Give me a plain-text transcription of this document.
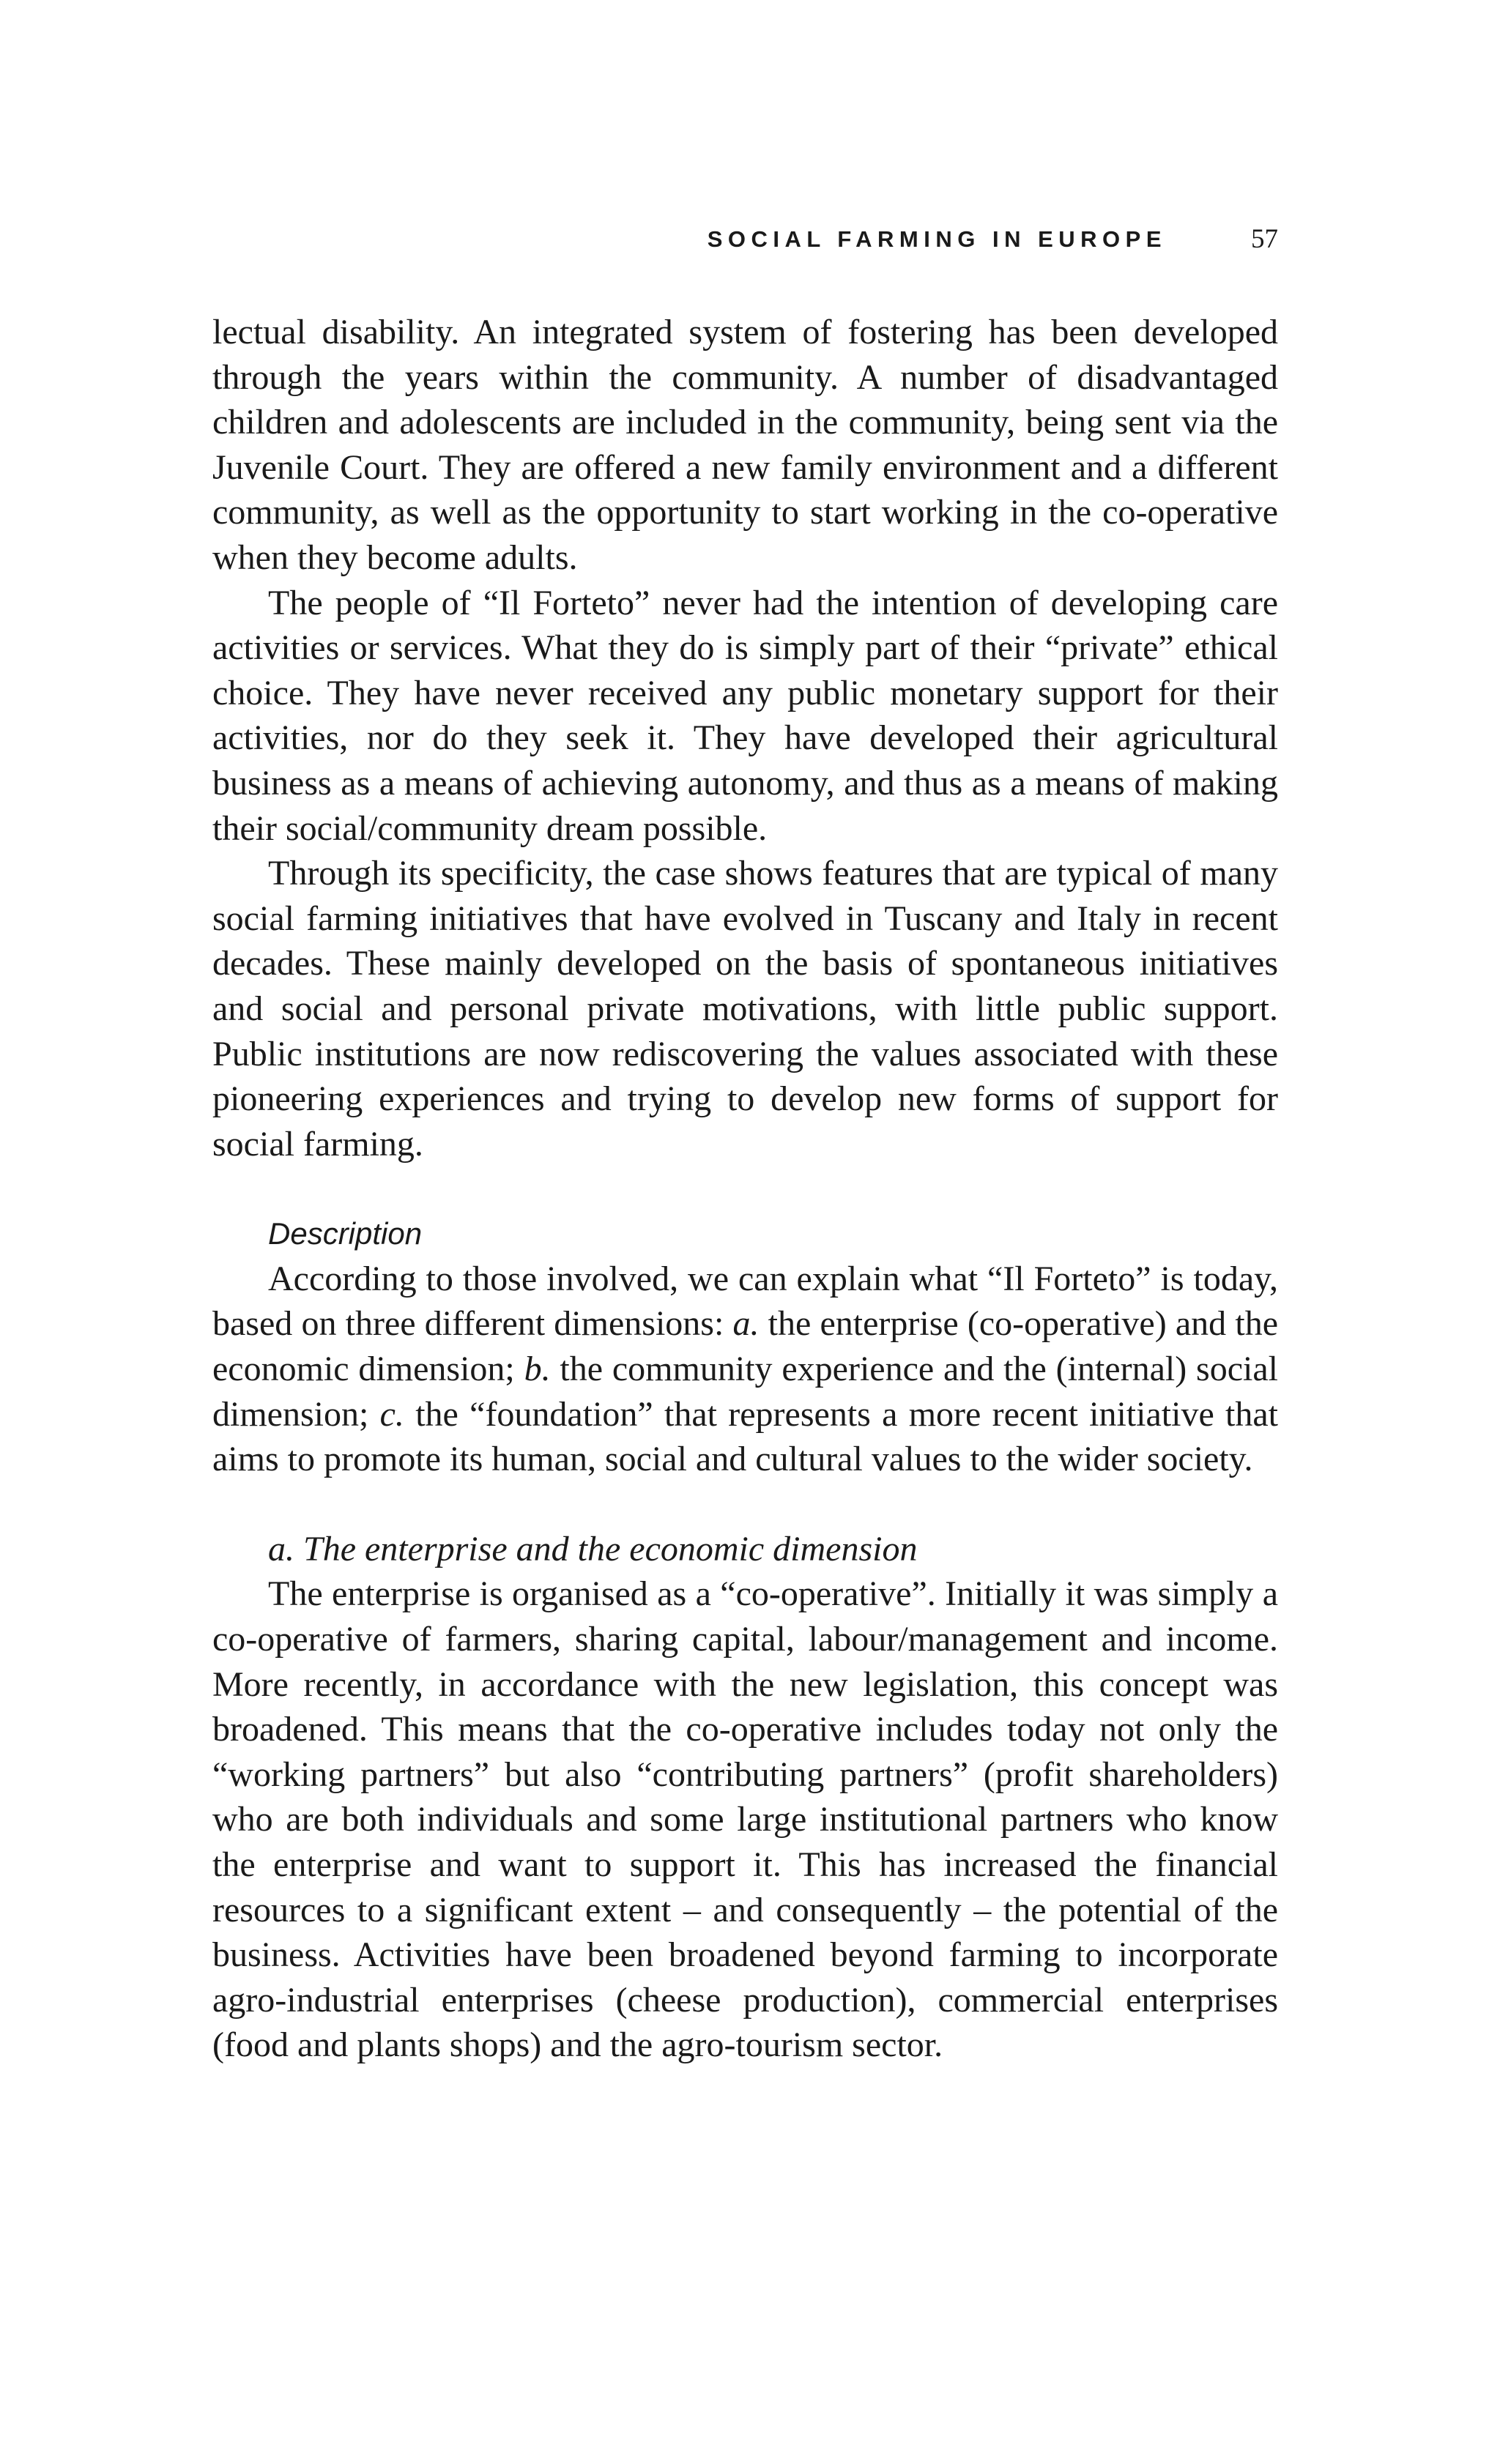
SOCIAL FARMING IN EUROPE	57

lectual disability. An integrated system of fostering has been developed through the years within the community. A number of disadvantaged children and adolescents are included in the community, being sent via the Juvenile Court. They are offered a new family environment and a different community, as well as the opportunity to start working in the co-operative when they become adults.

The people of “Il Forteto” never had the intention of developing care activities or services. What they do is simply part of their “private” ethical choice. They have never received any public monetary support for their activities, nor do they seek it. They have developed their agricultural business as a means of achieving autonomy, and thus as a means of making their social/community dream possible.

Through its specificity, the case shows features that are typical of many social farming initiatives that have evolved in Tuscany and Italy in recent decades. These mainly developed on the basis of spontaneous initiatives and social and personal private motivations, with little public support. Public institutions are now rediscovering the values associated with these pioneering experiences and trying to develop new forms of support for social farming.

Description

According to those involved, we can explain what “Il Forteto” is today, based on three different dimensions: a. the enterprise (co-operative) and the economic dimension; b. the community experience and the (internal) social dimension; c. the “foundation” that represents a more recent initiative that aims to promote its human, social and cultural values to the wider society.

a. The enterprise and the economic dimension

The enterprise is organised as a “co-operative”. Initially it was simply a co-operative of farmers, sharing capital, labour/management and income. More recently, in accordance with the new legislation, this concept was broadened. This means that the co-operative includes today not only the “working partners” but also “contributing partners” (profit shareholders) who are both individuals and some large institutional partners who know the enterprise and want to support it. This has increased the financial resources to a significant extent – and consequently – the potential of the business. Activities have been broadened beyond farming to incorporate agro-industrial enterprises (cheese production), commercial enterprises (food and plants shops) and the agro-tourism sector.
